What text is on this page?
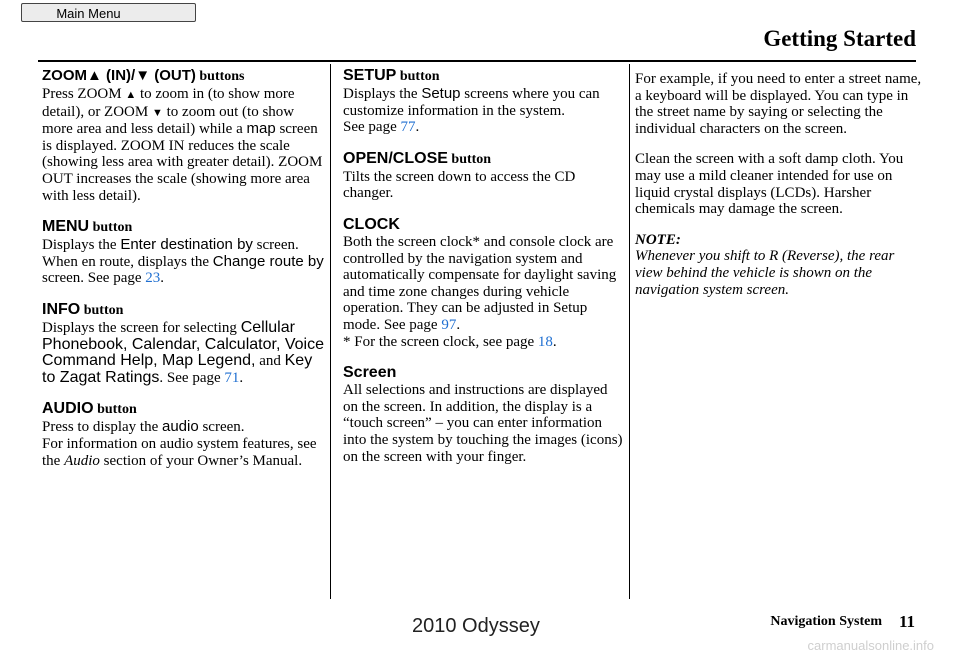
Main Menu
Getting Started
ZOOM▲ (IN)/▼ (OUT) buttons

Press ZOOM ▲ to zoom in (to show more detail), or ZOOM ▼ to zoom out (to show more area and less detail) while a map screen is displayed. ZOOM IN reduces the scale (showing less area with greater detail). ZOOM OUT increases the scale (showing more area with less detail).

MENU button

Displays the Enter destination by screen. When en route, displays the Change route by screen. See page 23.

INFO button

Displays the screen for selecting Cellular Phonebook, Calendar, Calculator, Voice Command Help, Map Legend, and Key to Zagat Ratings. See page 71.

AUDIO button

Press to display the audio screen.

For information on audio system features, see the Audio section of your Owner’s Manual.

SETUP button

Displays the Setup screens where you can customize information in the system.

See page 77.

OPEN/CLOSE button

Tilts the screen down to access the CD changer.

CLOCK

Both the screen clock* and console clock are controlled by the navigation system and automatically compensate for daylight saving and time zone changes during vehicle operation. They can be adjusted in Setup mode. See page 97.

* For the screen clock, see page 18.

Screen

All selections and instructions are displayed on the screen. In addition, the display is a “touch screen” – you can enter information into the system by touching the images (icons) on the screen with your finger.

For example, if you need to enter a street name, a keyboard will be displayed. You can type in the street name by saying or selecting the individual characters on the screen.

Clean the screen with a soft damp cloth. You may use a mild cleaner intended for use on liquid crystal displays (LCDs). Harsher chemicals may damage the screen.

NOTE:

Whenever you shift to R (Reverse), the rear view behind the vehicle is shown on the navigation system screen.

2010 Odyssey	Navigation System 11
carmanualsonline.info
